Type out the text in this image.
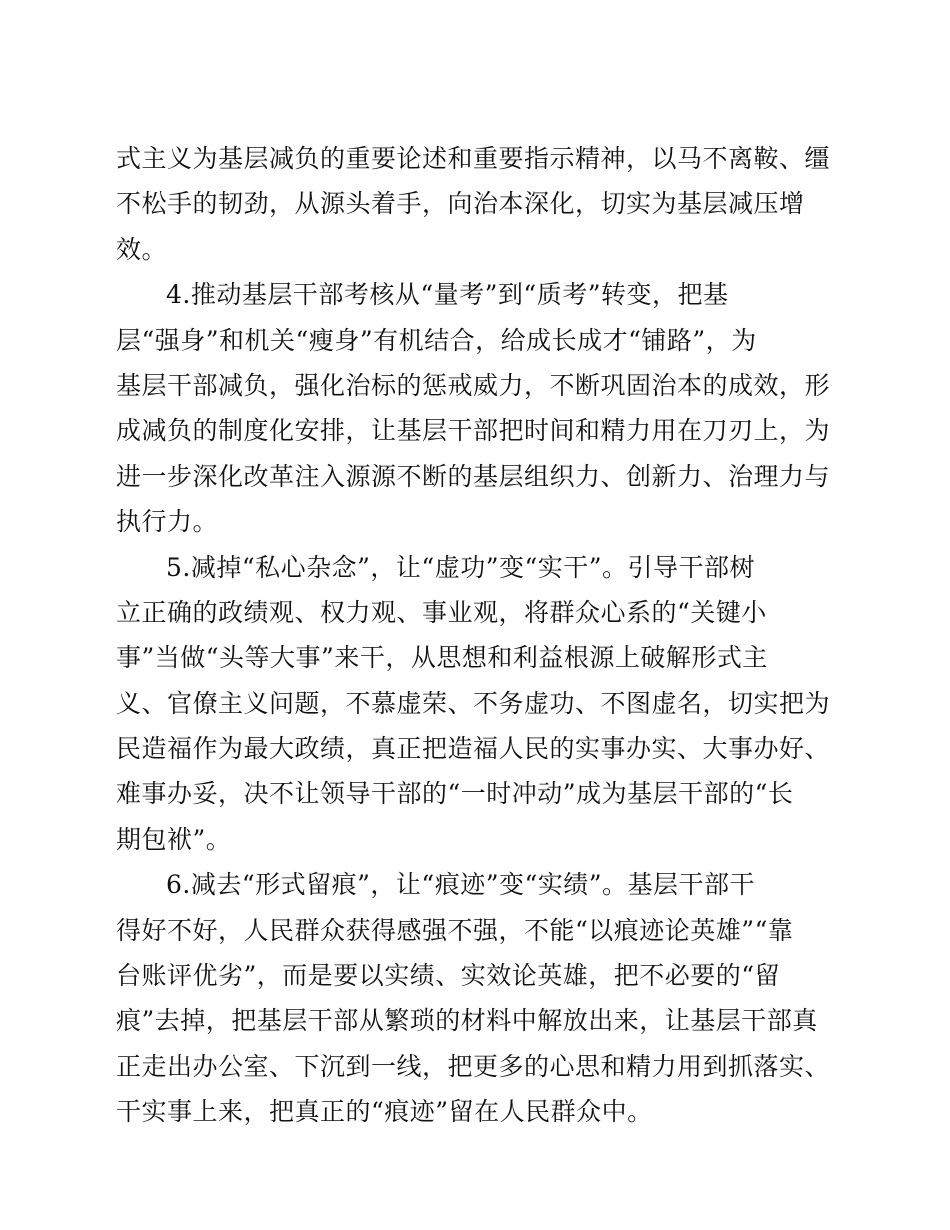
式主义为基层减负的重要论述和重要指示精神，以马不离鞍、缰
不松手的韧劲，从源头着手，向治本深化，切实为基层减压增
效。
4.推动基层干部考核从“量考”到“质考”转变，把基
层“强身”和机关“瘦身”有机结合，给成长成才“铺路”，为
基层干部减负，强化治标的惩戒威力，不断巩固治本的成效，形
成减负的制度化安排，让基层干部把时间和精力用在刀刃上，为
进一步深化改革注入源源不断的基层组织力、创新力、治理力与
执行力。
5.减掉“私心杂念”，让“虚功”变“实干”。引导干部树
立正确的政绩观、权力观、事业观，将群众心系的“关键小
事”当做“头等大事”来干，从思想和利益根源上破解形式主
义、官僚主义问题，不慕虚荣、不务虚功、不图虚名，切实把为
民造福作为最大政绩，真正把造福人民的实事办实、大事办好、
难事办妥，决不让领导干部的“一时冲动”成为基层干部的“长
期包袱”。
6.减去“形式留痕”，让“痕迹”变“实绩”。基层干部干
得好不好，人民群众获得感强不强，不能“以痕迹论英雄”“靠
台账评优劣”，而是要以实绩、实效论英雄，把不必要的“留
痕”去掉，把基层干部从繁琐的材料中解放出来，让基层干部真
正走出办公室、下沉到一线，把更多的心思和精力用到抓落实、
干实事上来，把真正的“痕迹”留在人民群众中。
